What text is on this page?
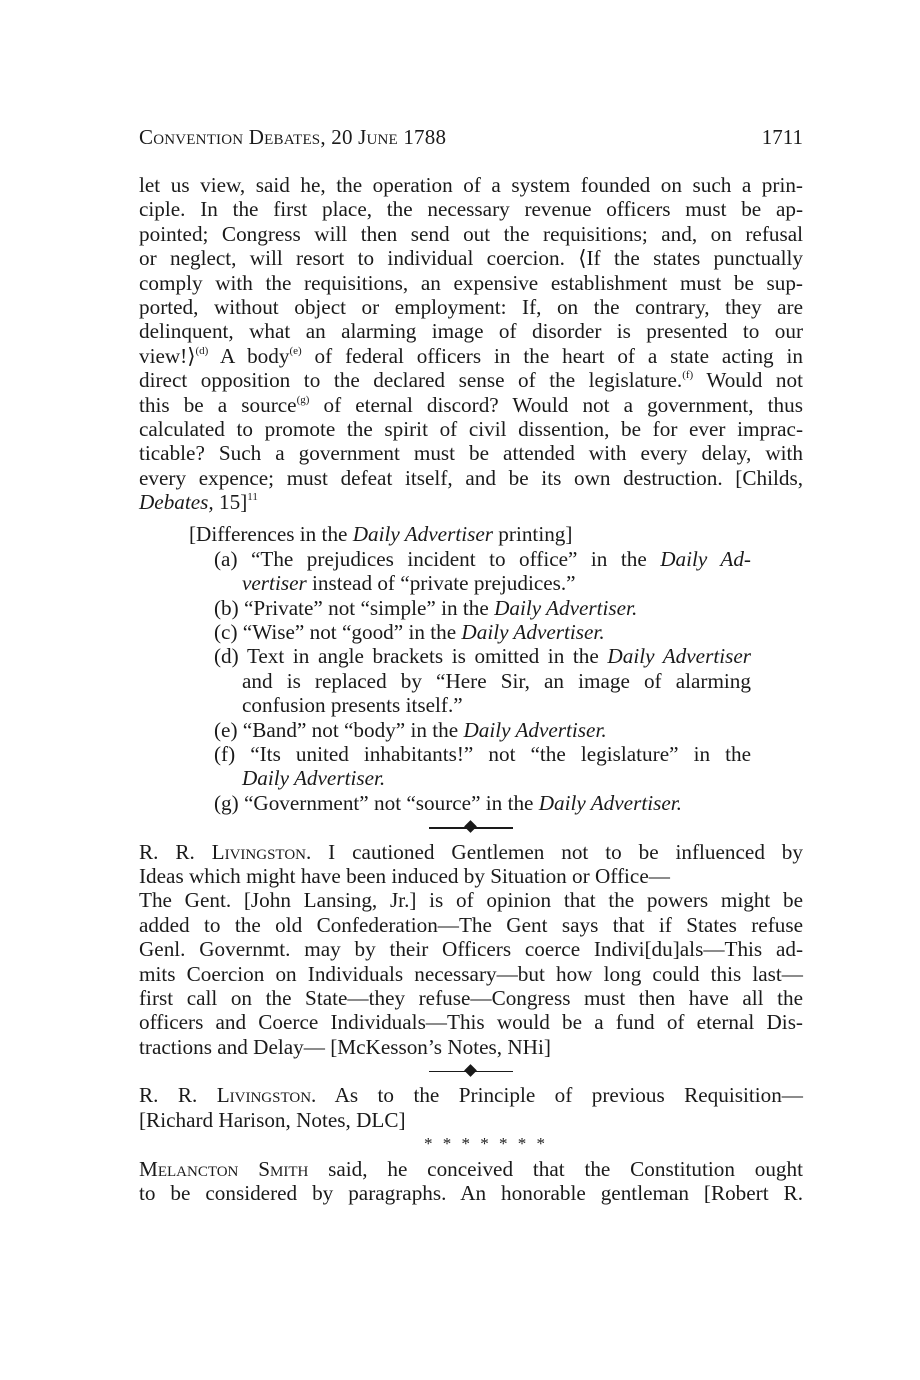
Convention Debates, 20 June 1788	1711
let us view, said he, the operation of a system founded on such a prin-
ciple. In the first place, the necessary revenue officers must be ap-
pointed; Congress will then send out the requisitions; and, on refusal
or neglect, will resort to individual coercion. ⟨If the states punctually
comply with the requisitions, an expensive establishment must be sup-
ported, without object or employment: If, on the contrary, they are
delinquent, what an alarming image of disorder is presented to our
view!⟩$^{(d)}$ A body$^{(e)}$ of federal officers in the heart of a state acting in
direct opposition to the declared sense of the legislature.$^{(f)}$ Would not
this be a source$^{(g)}$ of eternal discord? Would not a government, thus
calculated to promote the spirit of civil dissention, be for ever imprac-
ticable? Such a government must be attended with every delay, with
every expence; must defeat itself, and be its own destruction. [Childs,
Debates, 15]$^{11}$
[Differences in the Daily Advertiser printing]
(a) “The prejudices incident to office” in the Daily Ad-
vertiser instead of “private prejudices.”
(b) “Private” not “simple” in the Daily Advertiser.
(c) “Wise” not “good” in the Daily Advertiser.
(d) Text in angle brackets is omitted in the Daily Advertiser
and is replaced by “Here Sir, an image of alarming
confusion presents itself.”
(e) “Band” not “body” in the Daily Advertiser.
(f) “Its united inhabitants!” not “the legislature” in the
Daily Advertiser.
(g) “Government” not “source” in the Daily Advertiser.
R. R. Livingston. I cautioned Gentlemen not to be influenced by
Ideas which might have been induced by Situation or Office—
The Gent. [John Lansing, Jr.] is of opinion that the powers might be
added to the old Confederation—The Gent says that if States refuse
Genl. Governmt. may by their Officers coerce Indivi[du]als—This ad-
mits Coercion on Individuals necessary—but how long could this last—
first call on the State—they refuse—Congress must then have all the
officers and Coerce Individuals—This would be a fund of eternal Dis-
tractions and Delay— [McKesson’s Notes, NHi]
R. R. Livingston. As to the Principle of previous Requisition—
[Richard Harison, Notes, DLC]
* * * * * * *
Melancton Smith said, he conceived that the Constitution ought
to be considered by paragraphs. An honorable gentleman [Robert R.
